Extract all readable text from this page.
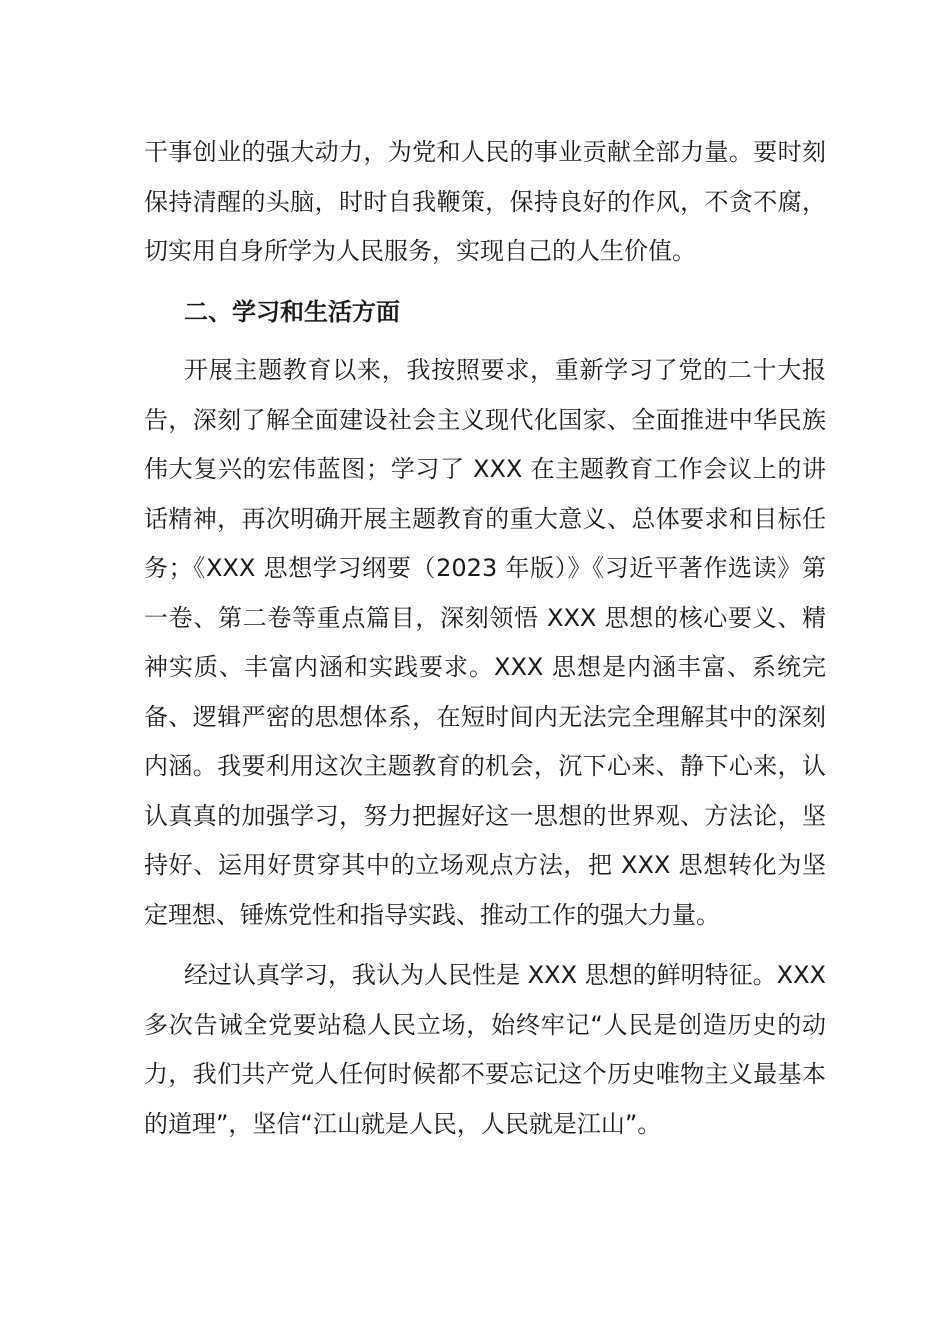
干事创业的强大动力，为党和人民的事业贡献全部力量。要时刻保持清醒的头脑，时时自我鞭策，保持良好的作风，不贪不腐，切实用自身所学为人民服务，实现自己的人生价值。

二、学习和生活方面

开展主题教育以来，我按照要求，重新学习了党的二十大报告，深刻了解全面建设社会主义现代化国家、全面推进中华民族伟大复兴的宏伟蓝图；学习了 XXX 在主题教育工作会议上的讲话精神，再次明确开展主题教育的重大意义、总体要求和目标任务；《XXX 思想学习纲要（2023 年版）》《习近平著作选读》第一卷、第二卷等重点篇目，深刻领悟 XXX 思想的核心要义、精神实质、丰富内涵和实践要求。XXX 思想是内涵丰富、系统完备、逻辑严密的思想体系，在短时间内无法完全理解其中的深刻内涵。我要利用这次主题教育的机会，沉下心来、静下心来，认认真真的加强学习，努力把握好这一思想的世界观、方法论，坚持好、运用好贯穿其中的立场观点方法，把 XXX 思想转化为坚定理想、锤炼党性和指导实践、推动工作的强大力量。

经过认真学习，我认为人民性是 XXX 思想的鲜明特征。XXX 多次告诫全党要站稳人民立场，始终牢记“人民是创造历史的动力，我们共产党人任何时候都不要忘记这个历史唯物主义最基本的道理”，坚信“江山就是人民，人民就是江山”。
